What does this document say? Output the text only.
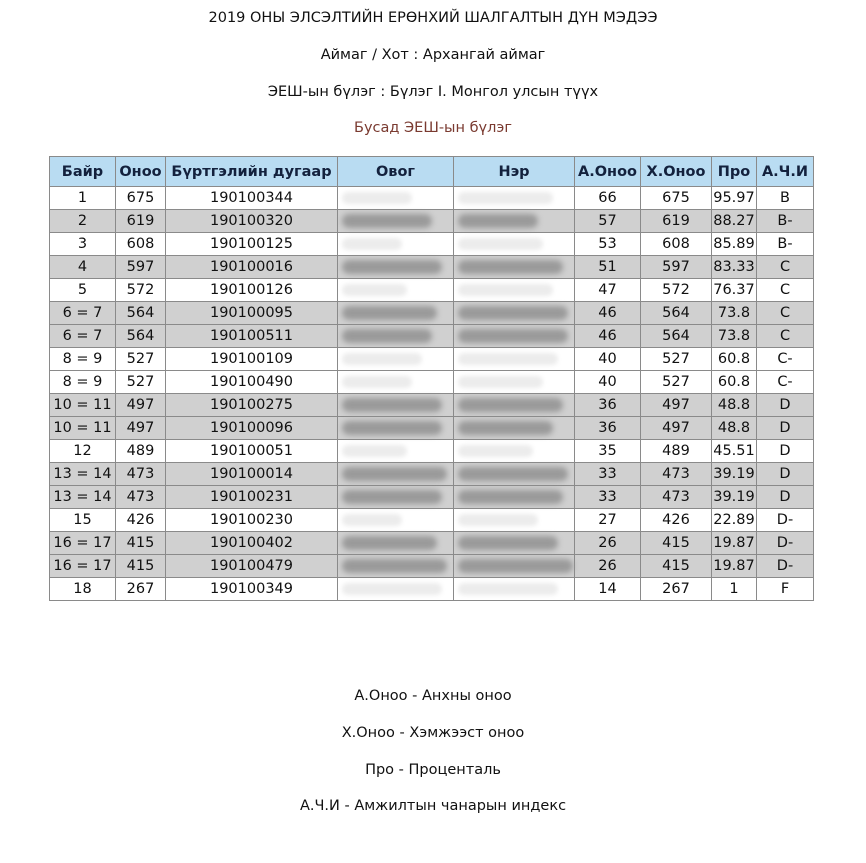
2019 ОНЫ ЭЛСЭЛТИЙН ЕРӨНХИЙ ШАЛГАЛТЫН ДҮН МЭДЭЭ
Аймаг / Хот : Архангай аймаг
ЭЕШ-ын бүлэг : Бүлэг I. Монгол улсын түүх
Бусад ЭЕШ-ын бүлэг
Байр	Оноо	Бүртгэлийн дугаар	Овог	Нэр	А.Оноо	Х.Оноо	Про	А.Ч.И
1	675	190100344			66	675	95.97	B
2	619	190100320			57	619	88.27	B-
3	608	190100125			53	608	85.89	B-
4	597	190100016			51	597	83.33	C
5	572	190100126			47	572	76.37	C
6 = 7	564	190100095			46	564	73.8	C
6 = 7	564	190100511			46	564	73.8	C
8 = 9	527	190100109			40	527	60.8	C-
8 = 9	527	190100490			40	527	60.8	C-
10 = 11	497	190100275			36	497	48.8	D
10 = 11	497	190100096			36	497	48.8	D
12	489	190100051			35	489	45.51	D
13 = 14	473	190100014			33	473	39.19	D
13 = 14	473	190100231			33	473	39.19	D
15	426	190100230			27	426	22.89	D-
16 = 17	415	190100402			26	415	19.87	D-
16 = 17	415	190100479			26	415	19.87	D-
18	267	190100349			14	267	1	F
А.Оноо - Анхны оноо
Х.Оноо - Хэмжээст оноо
Про - Проценталь
А.Ч.И - Амжилтын чанарын индекс
